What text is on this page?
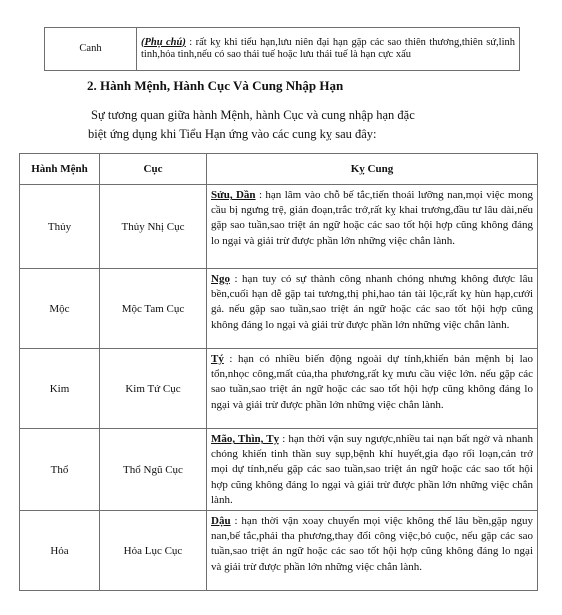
Canh	(Phụ chú) : rất kỵ khi tiểu hạn,lưu niên đại hạn gặp các sao thiên thương,thiên sứ,linh tinh,hỏa tinh,nếu có sao thái tuế hoặc lưu thái tuế là hạn cực xấu
2. Hành Mệnh, Hành Cục Và Cung Nhập Hạn
Sự tương quan giữa hành Mệnh, hành Cục và cung nhập hạn đặc
biệt ứng dụng khi Tiểu Hạn ứng vào các cung kỵ sau đây:
Hành Mệnh	Cục	Kỵ Cung
Thủy	Thủy Nhị Cục	Sửu, Dần : hạn lâm vào chỗ bế tắc,tiến thoái lưỡng nan,mọi việc mong cầu bị ngưng trệ, gián đoạn,trắc trở,rất kỵ khai trương,đầu tư lâu dài,nếu gặp sao tuần,sao triệt án ngữ hoặc các sao tốt hội hợp cũng không đáng lo ngại và giải trừ được phần lớn những việc chẳn lành.
Mộc	Mộc Tam Cục	Ngọ : hạn tuy có sự thành công nhanh chóng nhưng không được lâu bền,cuối hạn dễ gặp tai tương,thị phi,hao tán tài lộc,rất kỵ hùn hạp,cưới gả. nếu gặp sao tuần,sao triệt án ngữ hoặc các sao tốt hội hợp cũng không đáng lo ngại và giải trừ được phần lớn những việc chẳn lành.
Kim	Kim Tứ Cục	Tý : hạn có nhiều biến động ngoài dự tính,khiến bản mệnh bị lao tổn,nhọc công,mất của,tha phương,rất kỵ mưu cầu việc lớn. nếu gặp các sao tuần,sao triệt án ngữ hoặc các sao tốt hội hợp cũng không đáng lo ngại và giải trừ được phần lớn những việc chẳn lành.
Thổ	Thổ Ngũ Cục	Mão, Thìn, Tỵ : hạn thời vận suy ngược,nhiều tai nạn bất ngờ và nhanh chóng khiến tinh thần suy sụp,bệnh khí huyết,gia đạo rối loạn,cản trở mọi dự tính,nếu gặp các sao tuần,sao triệt án ngữ hoặc các sao tốt hội hợp cũng không đáng lo ngại và giải trừ được phần lớn những việc chẳn lành.
Hỏa	Hỏa Lục Cục	Dậu : hạn thời vận xoay chuyển mọi việc không thể lâu bền,gặp nguy nan,bế tắc,phải tha phương,thay đổi công việc,bỏ cuộc, nếu gặp các sao tuần,sao triệt án ngữ hoặc các sao tốt hội hợp cũng không đáng lo ngại và giải trừ được phần lớn những việc chẳn lành.
